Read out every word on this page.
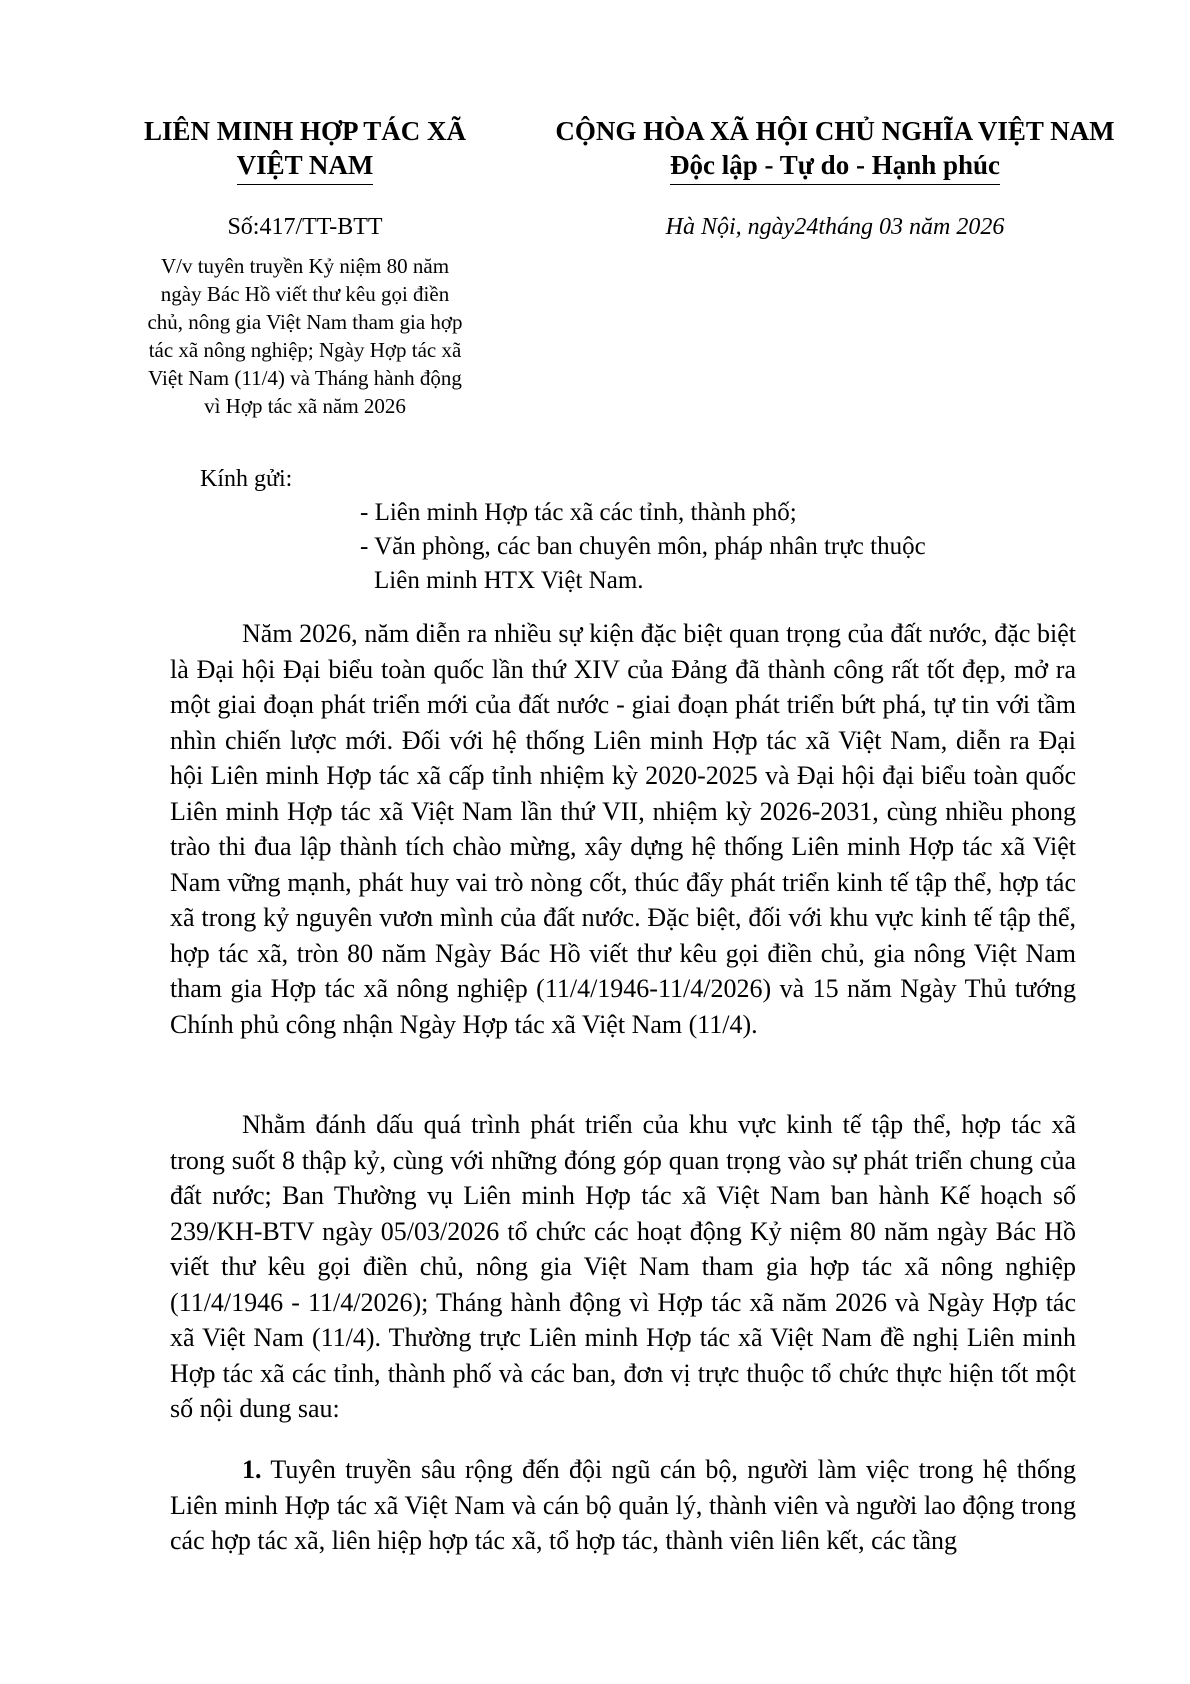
LIÊN MINH HỢP TÁC XÃ
VIỆT NAM
CỘNG HÒA XÃ HỘI CHỦ NGHĨA VIỆT NAM
Độc lập - Tự do - Hạnh phúc
Số:417/TT-BTT	Hà Nội, ngày24tháng 03 năm 2026
V/v tuyên truyền Kỷ niệm 80 năm ngày Bác Hồ viết thư kêu gọi điền chủ, nông gia Việt Nam tham gia hợp tác xã nông nghiệp; Ngày Hợp tác xã Việt Nam (11/4) và Tháng hành động vì Hợp tác xã năm 2026
Kính gửi:
- Liên minh Hợp tác xã các tỉnh, thành phố;
- Văn phòng, các ban chuyên môn, pháp nhân trực thuộc
Liên minh HTX Việt Nam.
Năm 2026, năm diễn ra nhiều sự kiện đặc biệt quan trọng của đất nước, đặc biệt là Đại hội Đại biểu toàn quốc lần thứ XIV của Đảng đã thành công rất tốt đẹp, mở ra một giai đoạn phát triển mới của đất nước - giai đoạn phát triển bứt phá, tự tin với tầm nhìn chiến lược mới. Đối với hệ thống Liên minh Hợp tác xã Việt Nam, diễn ra Đại hội Liên minh Hợp tác xã cấp tỉnh nhiệm kỳ 2020-2025 và Đại hội đại biểu toàn quốc Liên minh Hợp tác xã Việt Nam lần thứ VII, nhiệm kỳ 2026-2031, cùng nhiều phong trào thi đua lập thành tích chào mừng, xây dựng hệ thống Liên minh Hợp tác xã Việt Nam vững mạnh, phát huy vai trò nòng cốt, thúc đẩy phát triển kinh tế tập thể, hợp tác xã trong kỷ nguyên vươn mình của đất nước. Đặc biệt, đối với khu vực kinh tế tập thể, hợp tác xã, tròn 80 năm Ngày Bác Hồ viết thư kêu gọi điền chủ, gia nông Việt Nam tham gia Hợp tác xã nông nghiệp (11/4/1946-11/4/2026) và 15 năm Ngày Thủ tướng Chính phủ công nhận Ngày Hợp tác xã Việt Nam (11/4).
Nhằm đánh dấu quá trình phát triển của khu vực kinh tế tập thể, hợp tác xã trong suốt 8 thập kỷ, cùng với những đóng góp quan trọng vào sự phát triển chung của đất nước; Ban Thường vụ Liên minh Hợp tác xã Việt Nam ban hành Kế hoạch số 239/KH-BTV ngày 05/03/2026 tổ chức các hoạt động Kỷ niệm 80 năm ngày Bác Hồ viết thư kêu gọi điền chủ, nông gia Việt Nam tham gia hợp tác xã nông nghiệp (11/4/1946 - 11/4/2026); Tháng hành động vì Hợp tác xã năm 2026 và Ngày Hợp tác xã Việt Nam (11/4). Thường trực Liên minh Hợp tác xã Việt Nam đề nghị Liên minh Hợp tác xã các tỉnh, thành phố và các ban, đơn vị trực thuộc tổ chức thực hiện tốt một số nội dung sau:
1. Tuyên truyền sâu rộng đến đội ngũ cán bộ, người làm việc trong hệ thống Liên minh Hợp tác xã Việt Nam và cán bộ quản lý, thành viên và người lao động trong các hợp tác xã, liên hiệp hợp tác xã, tổ hợp tác, thành viên liên kết, các tầng
